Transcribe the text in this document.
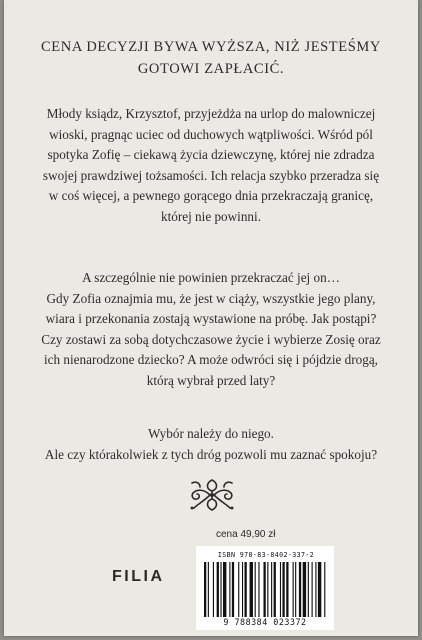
CENA DECYZJI BYWA WYŻSZA, NIŻ JESTEŚMY
GOTOWI ZAPŁACIĆ.
Młody ksiądz, Krzysztof, przyjeżdża na urlop do malowniczej
wioski, pragnąc uciec od duchowych wątpliwości. Wśród pól
spotyka Zofię – ciekawą życia dziewczynę, której nie zdradza
swojej prawdziwej tożsamości. Ich relacja szybko przeradza się
w coś więcej, a pewnego gorącego dnia przekraczają granicę,
której nie powinni.
A szczególnie nie powinien przekraczać jej on…
Gdy Zofia oznajmia mu, że jest w ciąży, wszystkie jego plany,
wiara i przekonania zostają wystawione na próbę. Jak postąpi?
Czy zostawi za sobą dotychczasowe życie i wybierze Zosię oraz
ich nienarodzone dziecko? A może odwróci się i pójdzie drogą,
którą wybrał przed laty?
Wybór należy do niego.
Ale czy którakolwiek z tych dróg pozwoli mu zaznać spokoju?
cena 49,90 zł
FILIA
ISBN 978-83-8402-337-2
9 788384 023372
